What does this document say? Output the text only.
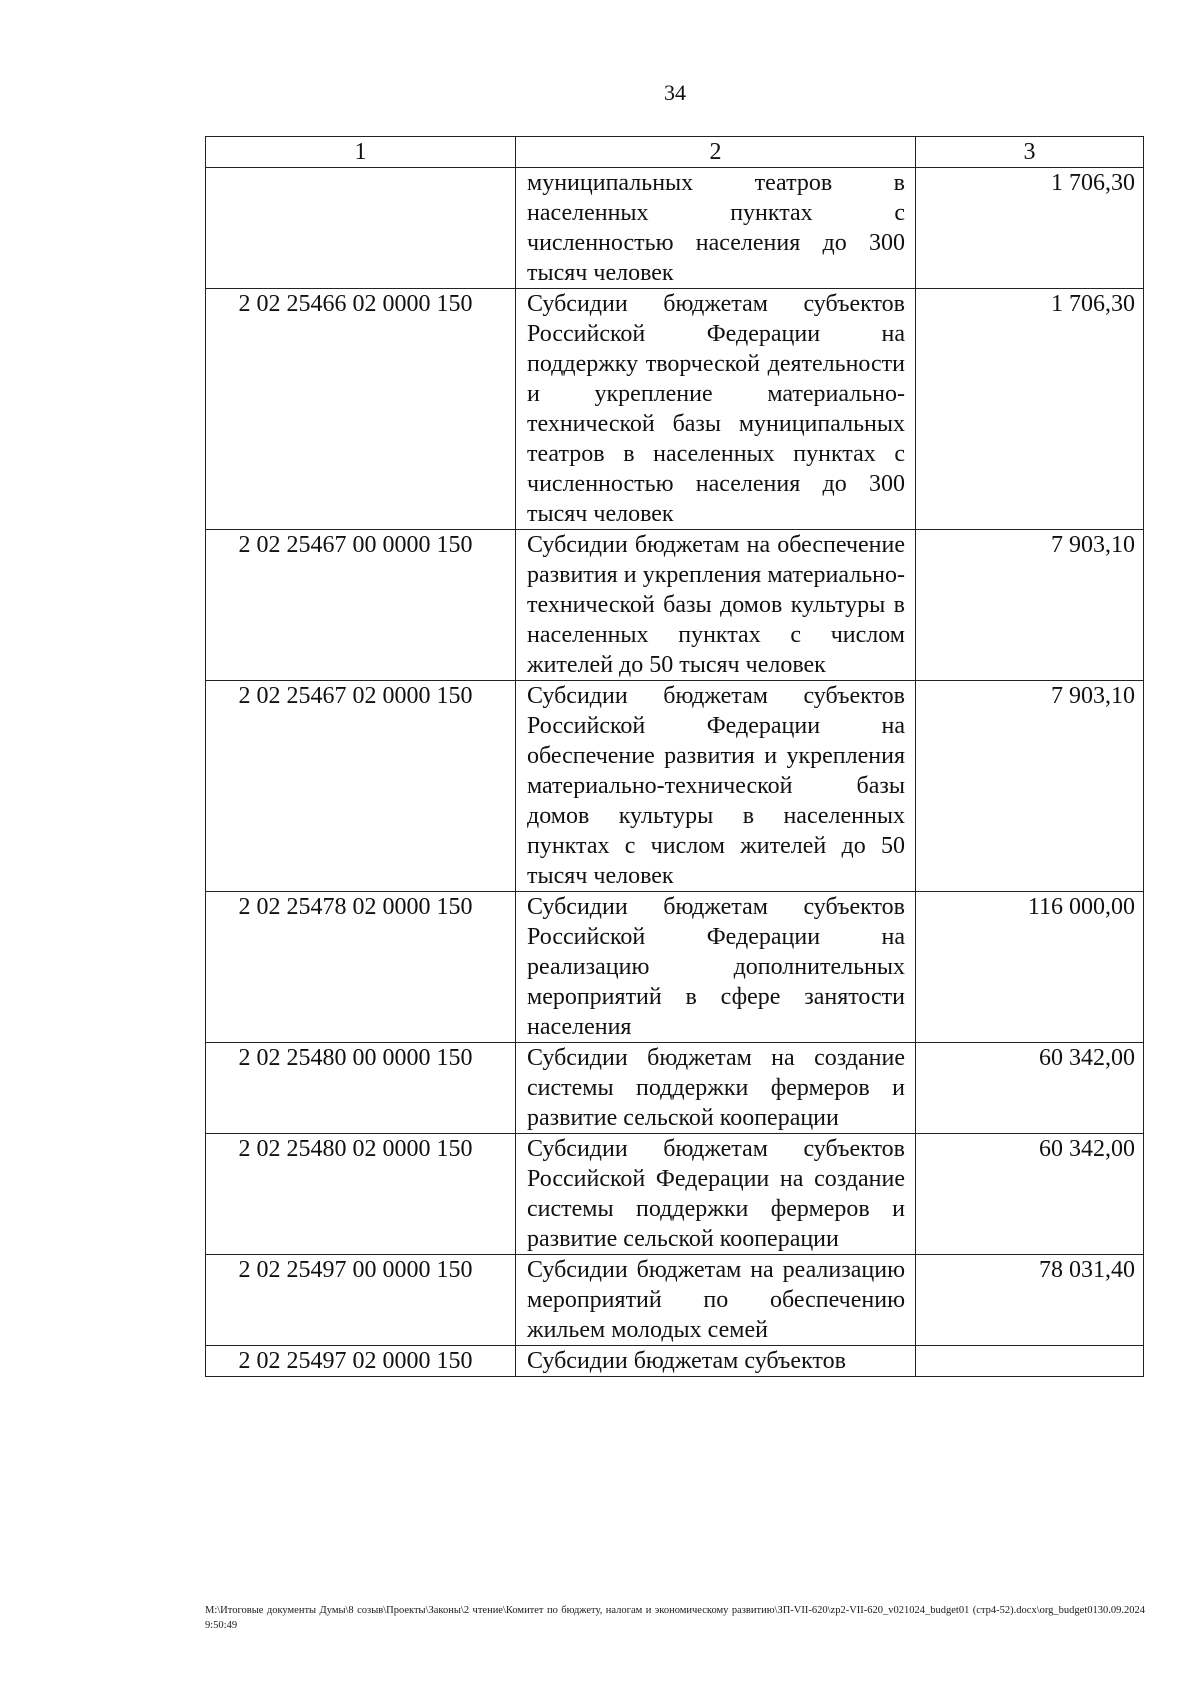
34
1	2	3
	муниципальных театров в населенных пунктах с численностью населения до 300 тысяч человек	1 706,30
2 02 25466 02 0000 150	Субсидии бюджетам субъектов Российской Федерации на поддержку творческой деятельности и укрепление материально-технической базы муниципальных театров в населенных пунктах с численностью населения до 300 тысяч человек	1 706,30
2 02 25467 00 0000 150	Субсидии бюджетам на обеспечение развития и укрепления материально-технической базы домов культуры в населенных пунктах с числом жителей до 50 тысяч человек	7 903,10
2 02 25467 02 0000 150	Субсидии бюджетам субъектов Российской Федерации на обеспечение развития и укрепления материально-технической базы домов культуры в населенных пунктах с числом жителей до 50 тысяч человек	7 903,10
2 02 25478 02 0000 150	Субсидии бюджетам субъектов Российской Федерации на реализацию дополнительных мероприятий в сфере занятости населения	116 000,00
2 02 25480 00 0000 150	Субсидии бюджетам на создание системы поддержки фермеров и развитие сельской кооперации	60 342,00
2 02 25480 02 0000 150	Субсидии бюджетам субъектов Российской Федерации на создание системы поддержки фермеров и развитие сельской кооперации	60 342,00
2 02 25497 00 0000 150	Субсидии бюджетам на реализацию мероприятий по обеспечению жильем молодых семей	78 031,40
2 02 25497 02 0000 150	Субсидии бюджетам субъектов	
M:\Итоговые документы Думы\8 созыв\Проекты\Законы\2 чтение\Комитет по бюджету, налогам и экономическому развитию\ЗП-VII-620\zp2-VII-620_v021024_budget01 (стр4-52).docx\org_budget0130.09.2024 9:50:49
